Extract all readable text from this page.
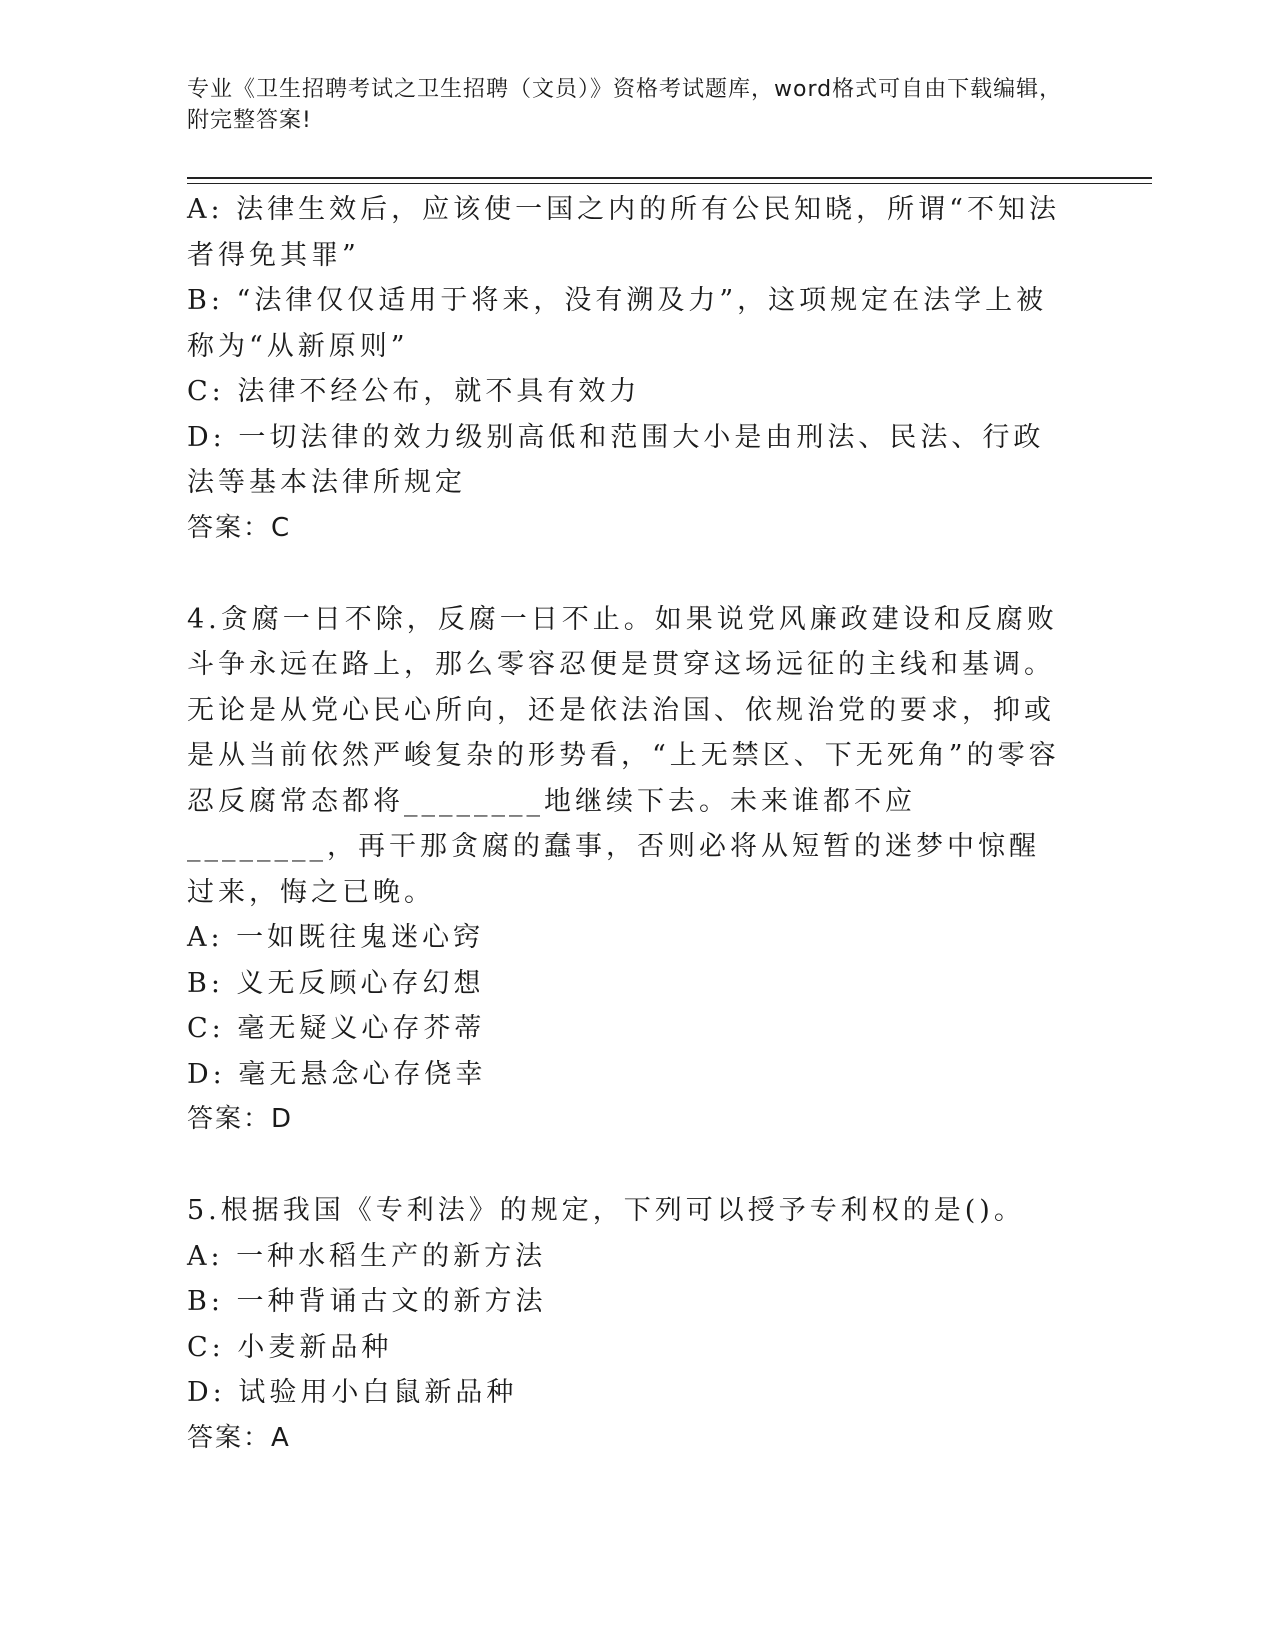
专业《卫生招聘考试之卫生招聘（文员）》资格考试题库，word格式可自由下载编辑，附完整答案!

A: 法律生效后，应该使一国之内的所有公民知晓，所谓“不知法者得免其罪”

B: “法律仅仅适用于将来，没有溯及力”，这项规定在法学上被称为“从新原则”

C: 法律不经公布，就不具有效力

D: 一切法律的效力级别高低和范围大小是由刑法、民法、行政法等基本法律所规定

答案：C

4.贪腐一日不除，反腐一日不止。如果说党风廉政建设和反腐败斗争永远在路上，那么零容忍便是贯穿这场远征的主线和基调。无论是从党心民心所向，还是依法治国、依规治党的要求，抑或是从当前依然严峻复杂的形势看，“上无禁区、下无死角”的零容忍反腐常态都将________地继续下去。未来谁都不应________，再干那贪腐的蠢事，否则必将从短暂的迷梦中惊醒过来，悔之已晚。

A: 一如既往鬼迷心窍

B: 义无反顾心存幻想

C: 毫无疑义心存芥蒂

D: 毫无悬念心存侥幸

答案：D

5.根据我国《专利法》的规定，下列可以授予专利权的是()。

A: 一种水稻生产的新方法

B: 一种背诵古文的新方法

C: 小麦新品种

D: 试验用小白鼠新品种

答案：A
